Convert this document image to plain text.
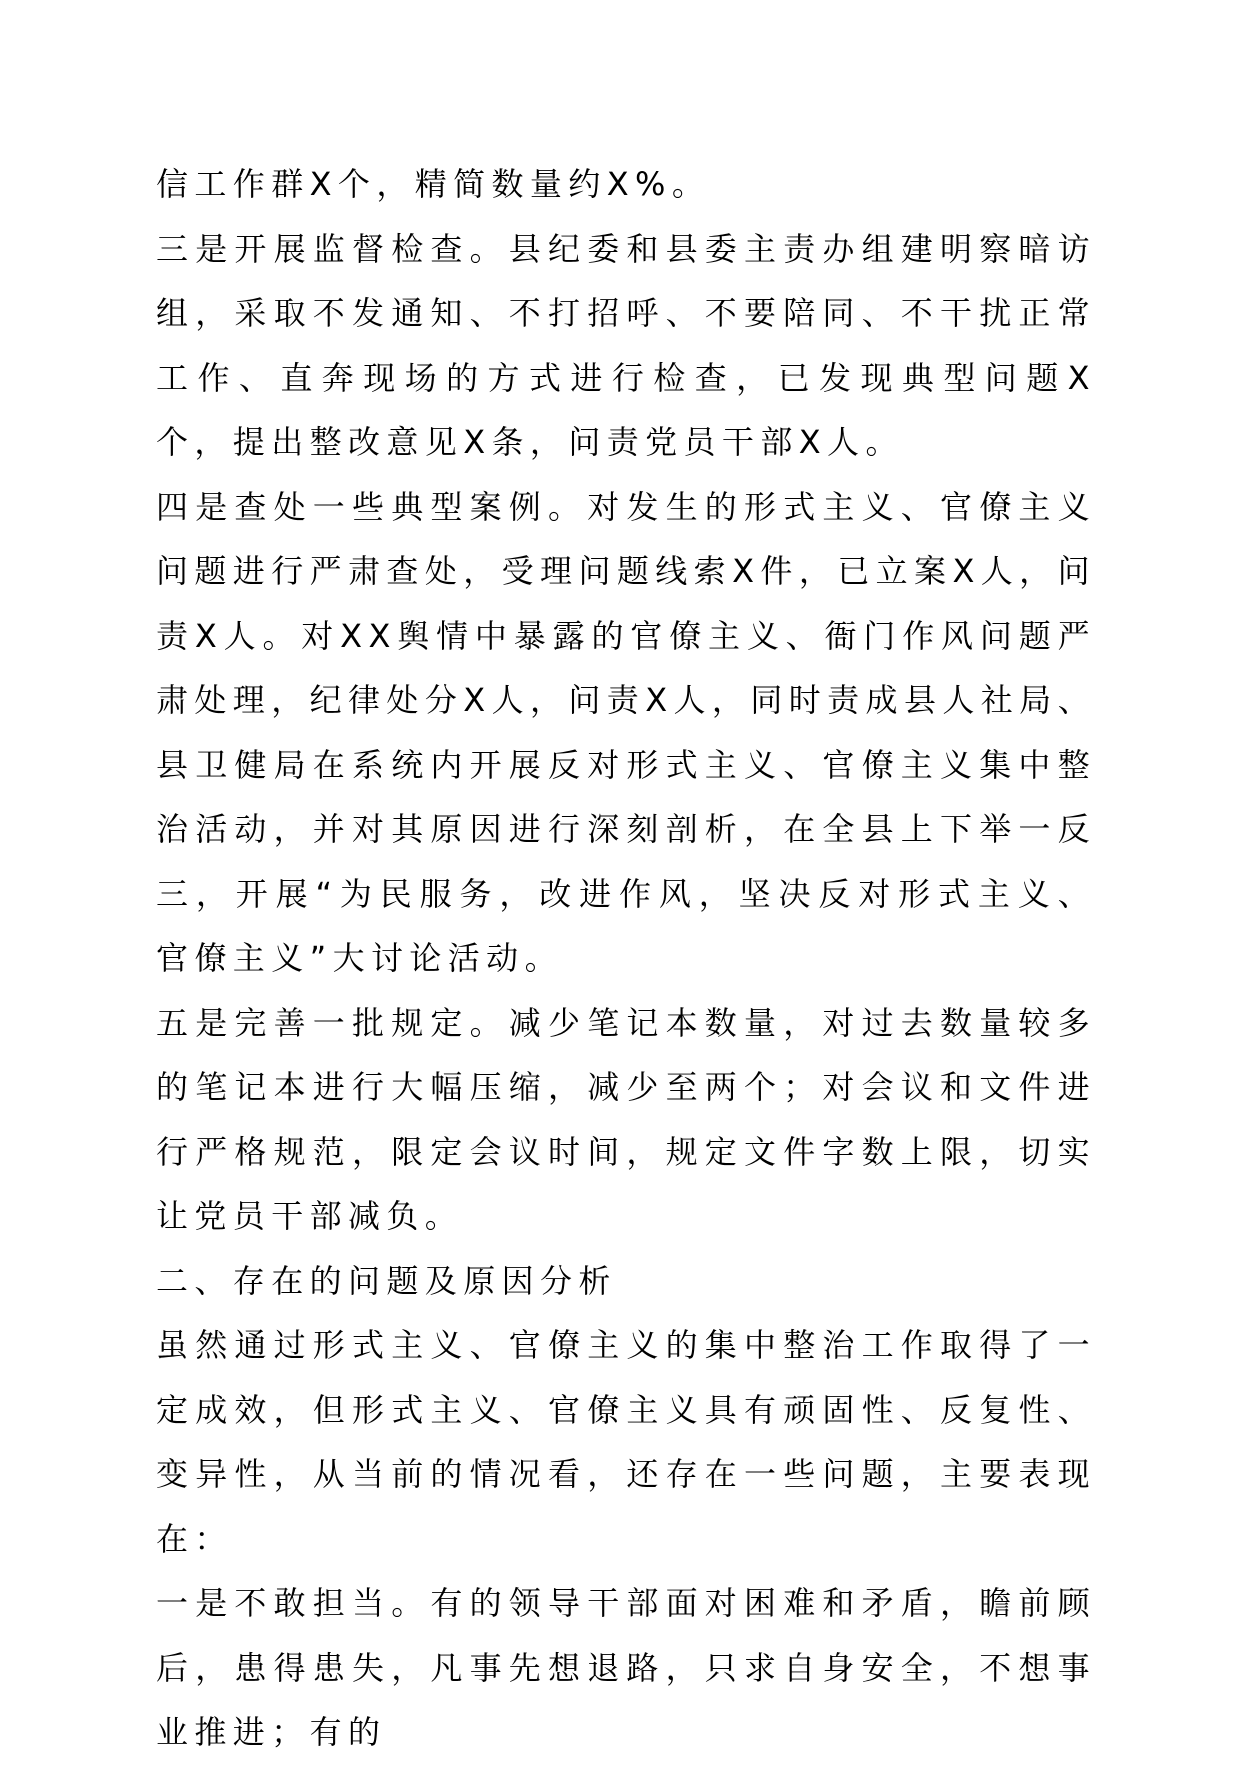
信工作群X个，精简数量约X%。

三是开展监督检查。县纪委和县委主责办组建明察暗访组，采取不发通知、不打招呼、不要陪同、不干扰正常工作、直奔现场的方式进行检查，已发现典型问题X个，提出整改意见X条，问责党员干部X人。

四是查处一些典型案例。对发生的形式主义、官僚主义问题进行严肃查处，受理问题线索X件，已立案X人，问责X人。对XX舆情中暴露的官僚主义、衙门作风问题严肃处理，纪律处分X人，问责X人，同时责成县人社局、县卫健局在系统内开展反对形式主义、官僚主义集中整治活动，并对其原因进行深刻剖析，在全县上下举一反三，开展“为民服务，改进作风，坚决反对形式主义、官僚主义”大讨论活动。

五是完善一批规定。减少笔记本数量，对过去数量较多的笔记本进行大幅压缩，减少至两个；对会议和文件进行严格规范，限定会议时间，规定文件字数上限，切实让党员干部减负。

二、存在的问题及原因分析

虽然通过形式主义、官僚主义的集中整治工作取得了一定成效，但形式主义、官僚主义具有顽固性、反复性、变异性，从当前的情况看，还存在一些问题，主要表现在：

一是不敢担当。有的领导干部面对困难和矛盾，瞻前顾后，患得患失，凡事先想退路，只求自身安全，不想事业推进；有的
